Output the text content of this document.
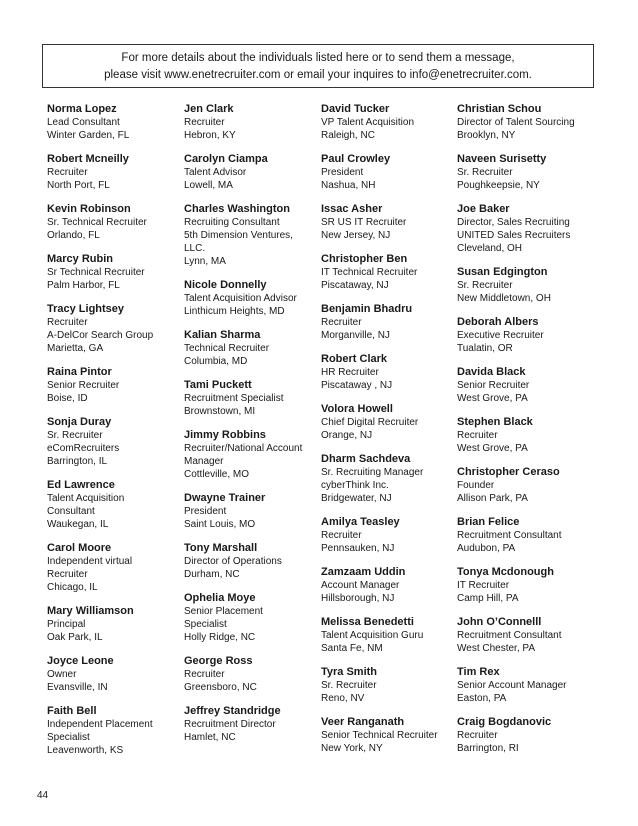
For more details about the individuals listed here or to send them a message,
please visit www.enetrecruiter.com or email your inquires to info@enetrecruiter.com.
Norma Lopez
Lead Consultant
Winter Garden, FL
Robert Mcneilly
Recruiter
North Port, FL
Kevin Robinson
Sr. Technical Recruiter
Orlando, FL
Marcy Rubin
Sr Technical Recruiter
Palm Harbor, FL
Tracy Lightsey
Recruiter
A-DelCor Search Group
Marietta, GA
Raina Pintor
Senior Recruiter
Boise, ID
Sonja Duray
Sr. Recruiter
eComRecruiters
Barrington, IL
Ed Lawrence
Talent Acquisition
Consultant
Waukegan, IL
Carol Moore
Independent virtual
Recruiter
Chicago, IL
Mary Williamson
Principal
Oak Park, IL
Joyce Leone
Owner
Evansville, IN
Faith Bell
Independent Placement
Specialist
Leavenworth, KS
Jen Clark
Recruiter
Hebron, KY
Carolyn Ciampa
Talent Advisor
Lowell, MA
Charles Washington
Recruiting Consultant
5th Dimension Ventures,
LLC.
Lynn, MA
Nicole Donnelly
Talent Acquisition Advisor
Linthicum Heights, MD
Kalian Sharma
Technical Recruiter
Columbia, MD
Tami Puckett
Recruitment Specialist
Brownstown, MI
Jimmy Robbins
Recruiter/National Account
Manager
Cottleville, MO
Dwayne Trainer
President
Saint Louis, MO
Tony Marshall
Director of Operations
Durham, NC
Ophelia Moye
Senior Placement
Specialist
Holly Ridge, NC
George Ross
Recruiter
Greensboro, NC
Jeffrey Standridge
Recruitment Director
Hamlet, NC
David Tucker
VP Talent Acquisition
Raleigh, NC
Paul Crowley
President
Nashua, NH
Issac Asher
SR US IT Recruiter
New Jersey, NJ
Christopher Ben
IT Technical Recruiter
Piscataway, NJ
Benjamin Bhadru
Recruiter
Morganville, NJ
Robert Clark
HR Recruiter
Piscataway , NJ
Volora Howell
Chief Digital Recruiter
Orange, NJ
Dharm Sachdeva
Sr. Recruiting Manager
cyberThink Inc.
Bridgewater, NJ
Amilya Teasley
Recruiter
Pennsauken, NJ
Zamzaam Uddin
Account Manager
Hillsborough, NJ
Melissa Benedetti
Talent Acquisition Guru
Santa Fe, NM
Tyra Smith
Sr. Recruiter
Reno, NV
Veer Ranganath
Senior Technical Recruiter
New York, NY
Christian Schou
Director of Talent Sourcing
Brooklyn, NY
Naveen Surisetty
Sr. Recruiter
Poughkeepsie, NY
Joe Baker
Director, Sales Recruiting
UNITED Sales Recruiters
Cleveland, OH
Susan Edgington
Sr. Recruiter
New Middletown, OH
Deborah Albers
Executive Recruiter
Tualatin, OR
Davida Black
Senior Recruiter
West Grove, PA
Stephen Black
Recruiter
West Grove, PA
Christopher Ceraso
Founder
Allison Park, PA
Brian Felice
Recruitment Consultant
Audubon, PA
Tonya Mcdonough
IT Recruiter
Camp Hill, PA
John O’Connelll
Recruitment Consultant
West Chester, PA
Tim Rex
Senior Account Manager
Easton, PA
Craig Bogdanovic
Recruiter
Barrington, RI
44
